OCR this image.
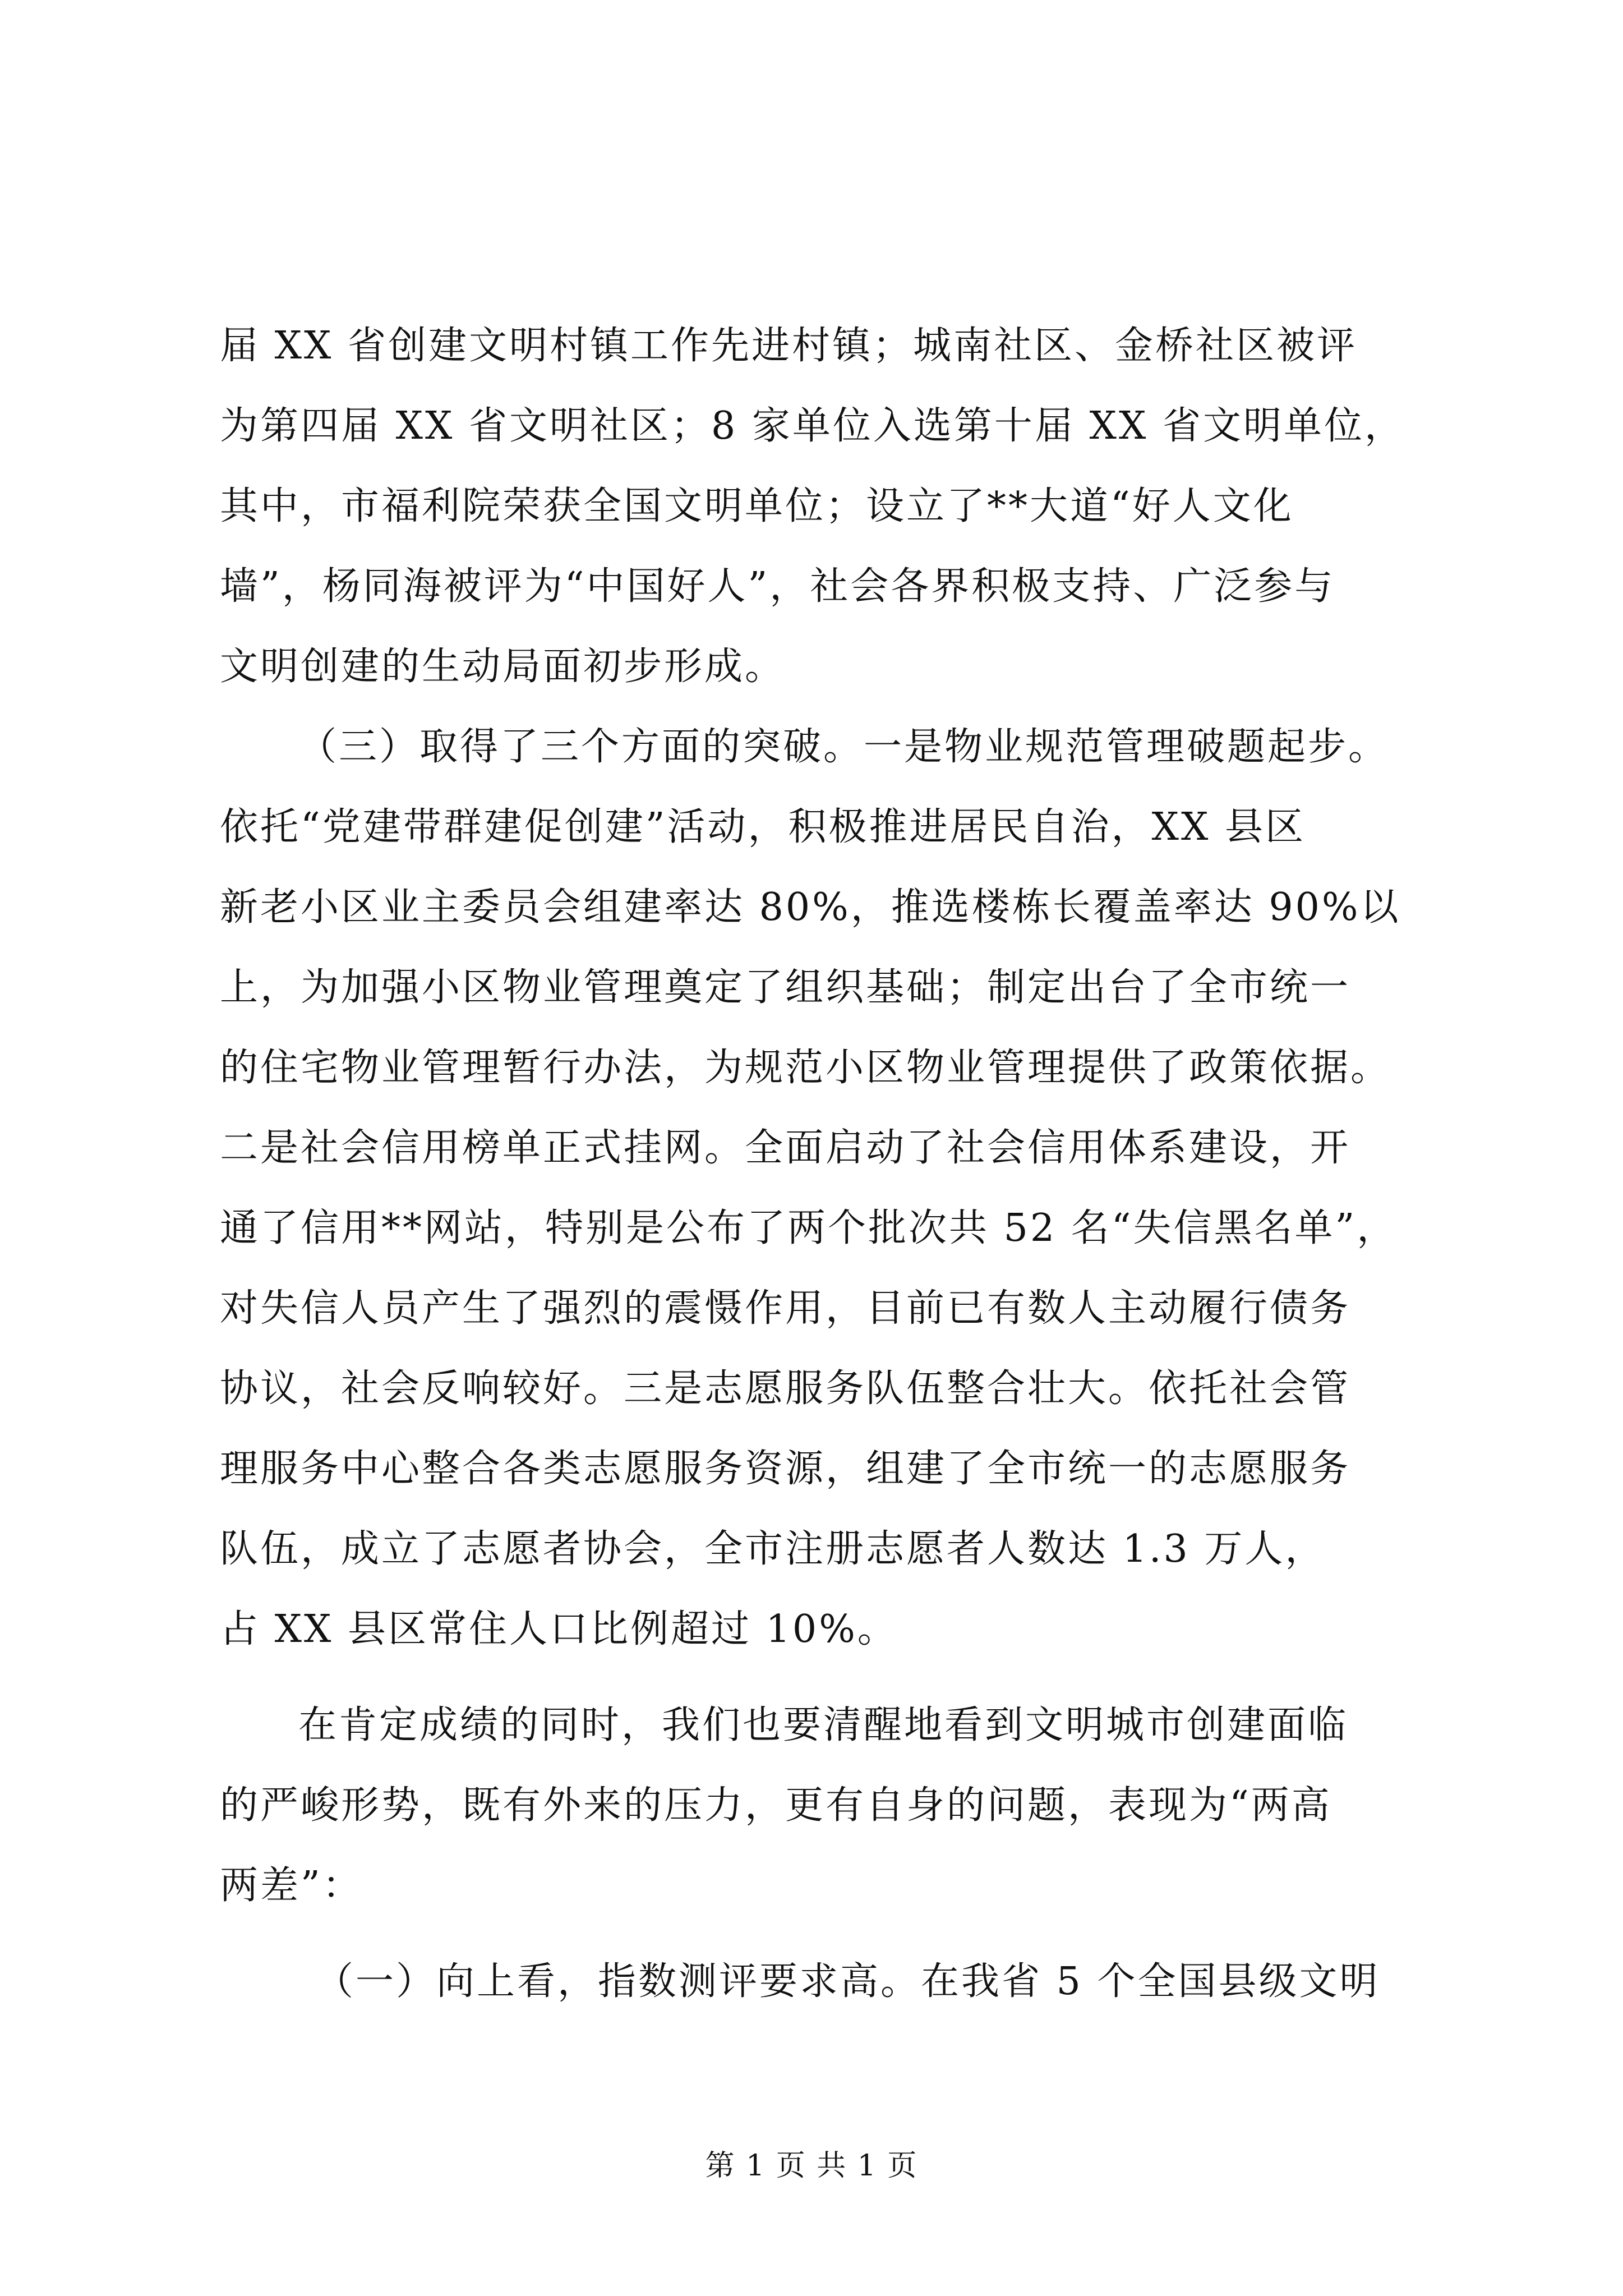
届 XX 省创建文明村镇工作先进村镇；城南社区、金桥社区被评
为第四届 XX 省文明社区；8 家单位入选第十届 XX 省文明单位，
其中，市福利院荣获全国文明单位；设立了**大道“好人文化
墙”，杨同海被评为“中国好人”，社会各界积极支持、广泛参与
文明创建的生动局面初步形成。

（三）取得了三个方面的突破。一是物业规范管理破题起步。
依托“党建带群建促创建”活动，积极推进居民自治，XX 县区
新老小区业主委员会组建率达 80%，推选楼栋长覆盖率达 90%以
上，为加强小区物业管理奠定了组织基础；制定出台了全市统一
的住宅物业管理暂行办法，为规范小区物业管理提供了政策依据。
二是社会信用榜单正式挂网。全面启动了社会信用体系建设，开
通了信用**网站，特别是公布了两个批次共 52 名“失信黑名单”，
对失信人员产生了强烈的震慑作用，目前已有数人主动履行债务
协议，社会反响较好。三是志愿服务队伍整合壮大。依托社会管
理服务中心整合各类志愿服务资源，组建了全市统一的志愿服务
队伍，成立了志愿者协会，全市注册志愿者人数达 1.3 万人，
占 XX 县区常住人口比例超过 10%。

在肯定成绩的同时，我们也要清醒地看到文明城市创建面临
的严峻形势，既有外来的压力，更有自身的问题，表现为“两高
两差”：

（一）向上看，指数测评要求高。在我省 5 个全国县级文明

第 1 页 共 1 页
